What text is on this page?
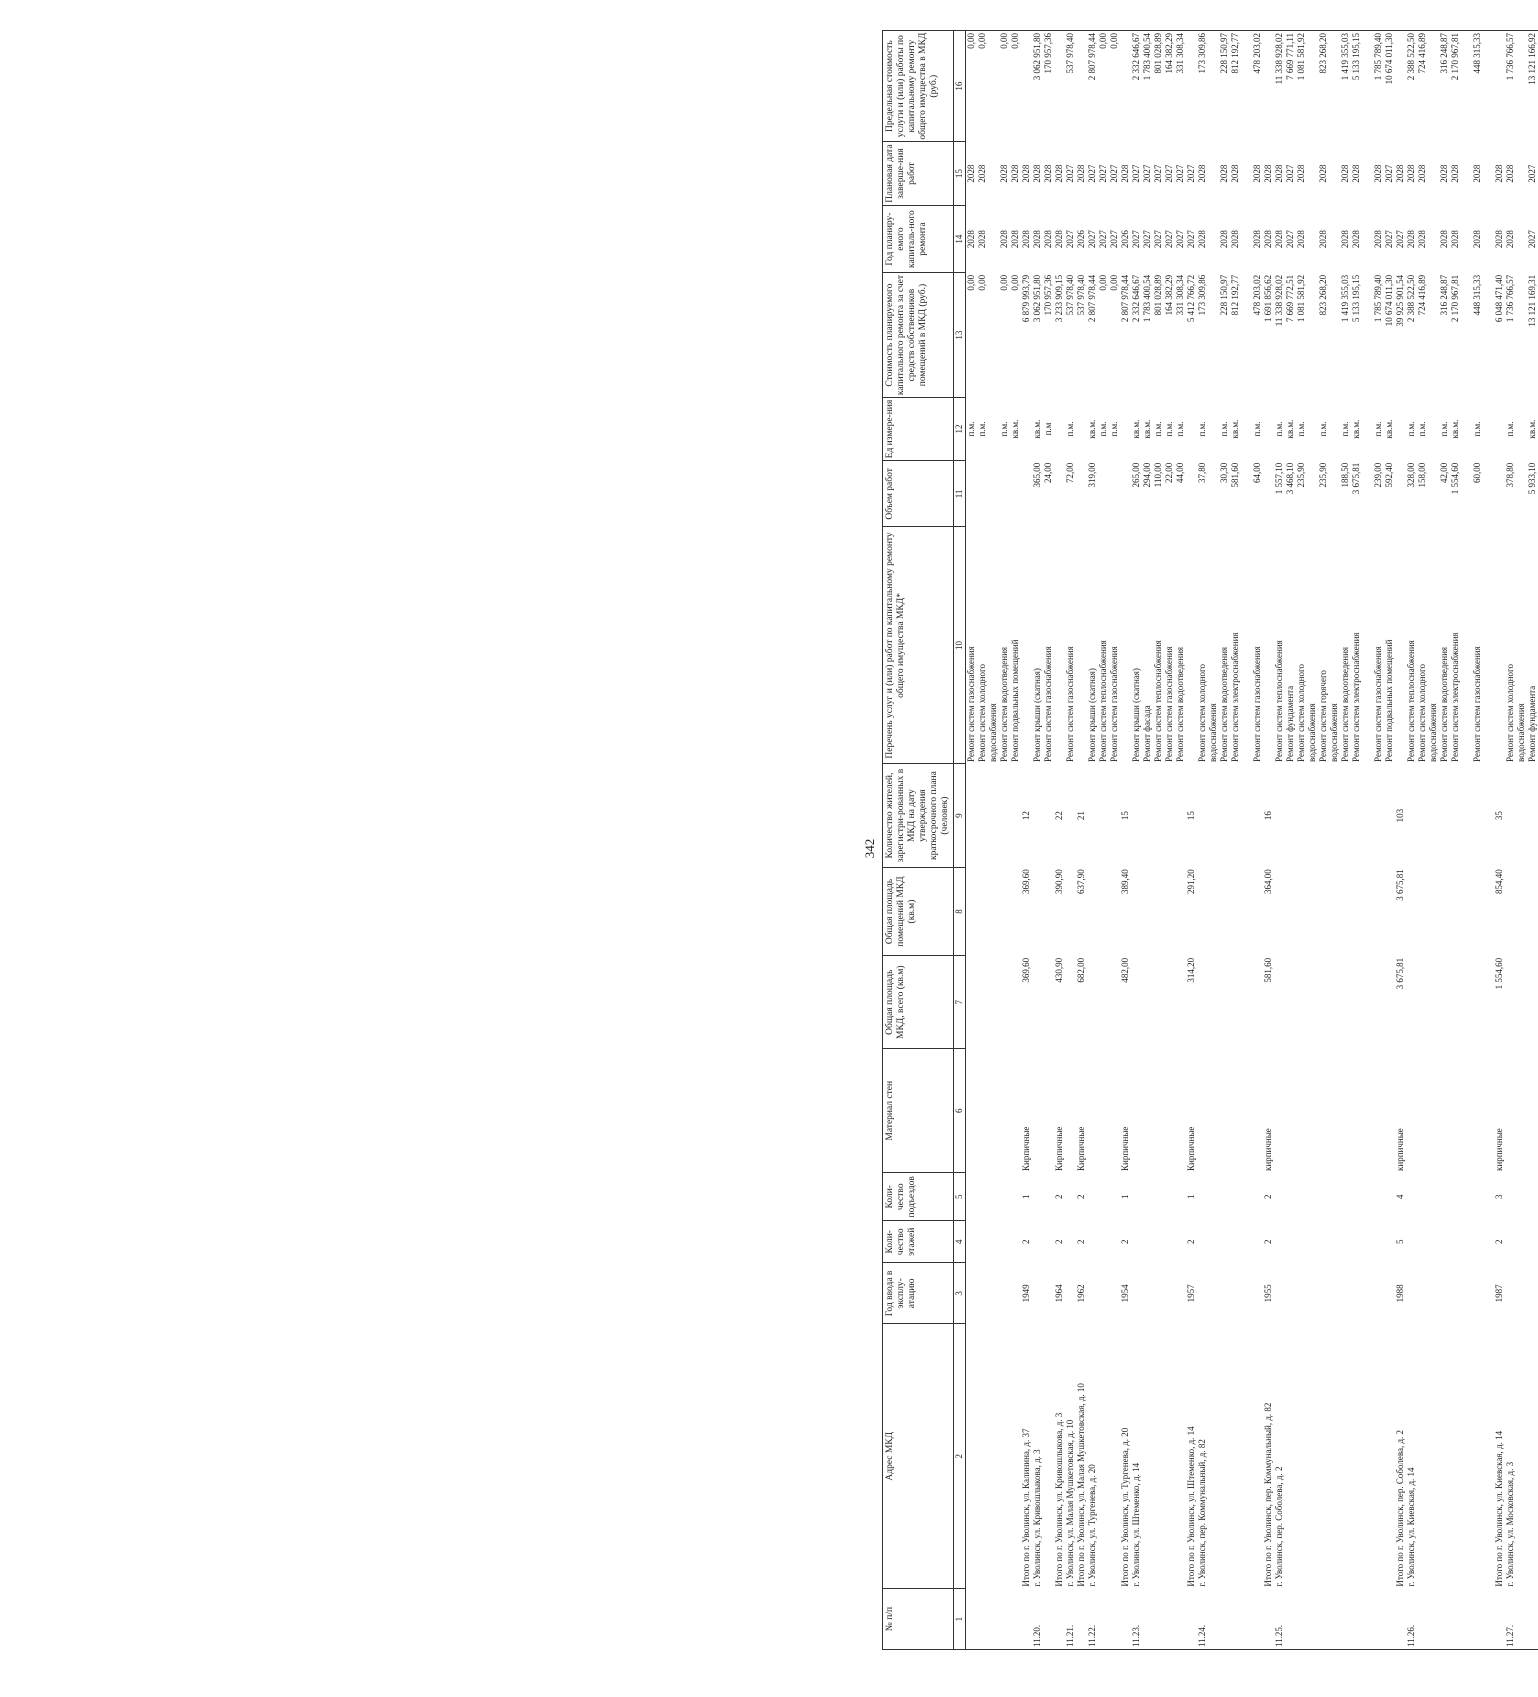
342
№ п/п	Адрес МКД	Год ввода в эксплу-атацию	Коли-чество этажей	Коли-чество подъездов	Материал стен	Общая площадь МКД, всего (кв.м)	Общая площадь помещений МКД (кв.м)	Количество жителей, зарегистри-рованных в МКД на дату утверждения краткосрочного плана (человек)	Перечень услуг и (или) работ по капитальному ремонту общего имущества МКД*	Объем работ	Ед измере-ния	Стоимость планируемого капитального ремонта за счет средств собственников помещений в МКД (руб.)	Год планиру-емого капиталь-ного ремонта	Плановая дата заверше-ния работ	Предельная стоимость услуги и (или) работы по капитальному ремонту общего имущества в МКД (руб.)
1	2	3	4	5	6	7	8	9	10	11	12	13	14	15	16
									Ремонт систем газоснабжения		п.м.	0,00	2028	2028	0,00
									Ремонт систем холодного		п.м.	0,00	2028	2028	0,00
									водоснабжения						
									Ремонт систем водоотведения		п.м.	0,00	2028	2028	0,00
									Ремонт подвальных помещений		кв.м.	0,00	2028	2028	0,00
	Итого по г. Уволинск, ул. Калинина, д. 37	1949	2	1	Кирпичные	369,60	369,60	12				6 879 993,79	2028	2028	
11.20.	г. Уволинск, ул. Кривошлыкова, д. 3								Ремонт крыши (скатная)	365,00	кв.м.	3 062 951,80	2028	2028	3 062 951,80
									Ремонт систем газоснабжения	24,00	п.м	170 957,36	2028	2028	170 957,36
	Итого по г. Уволинск, ул. Кривошлыкова, д. 3	1964	2	2	Кирпичные	430,90	390,90	22				3 233 909,15	2028	2028	
11.21.	г. Уволинск, ул. Малая Мушкетовская, д. 10								Ремонт систем газоснабжения	72,00	п.м.	537 978,40	2027	2027	537 978,40
	Итого по г. Уволинск, ул. Малая Мушкетовская, д. 10	1962	2	2	Кирпичные	682,00	637,90	21				537 978,40	2026	2028	
11.22.	г. Уволинск, ул. Тургенева, д. 20								Ремонт крыши (скатная)	319,00	кв.м.	2 807 978,44	2027	2027	2 807 978,44
									Ремонт систем теплоснабжения		п.м.	0,00	2027	2027	0,00
									Ремонт систем газоснабжения		п.м.	0,00	2027	2027	0,00
	Итого по г. Уволинск, ул. Тургенева, д. 20	1954	2	1	Кирпичные	482,00	389,40	15				2 807 978,44	2026	2028	
11.23.	г. Уволинск, ул. Штеменко, д. 14								Ремонт крыши (скатная)	265,00	кв.м.	2 332 646,67	2027	2027	2 332 646,67
									Ремонт фасада	294,00	кв.м.	1 783 400,54	2027	2027	1 783 400,54
									Ремонт систем теплоснабжения	110,00	п.м.	801 028,89	2027	2027	801 028,89
									Ремонт систем газоснабжения	22,00	п.м.	164 382,29	2027	2027	164 382,29
									Ремонт систем водоотведения	44,00	п.м.	331 308,34	2027	2027	331 308,34
	Итого по г. Уволинск, ул. Штеменко, д. 14	1957	2	1	Кирпичные	314,20	291,20	15				5 412 766,72	2027	2027	
11.24.	г. Уволинск, пер. Коммунальный, д. 82								Ремонт систем холодного	37,80	п.м.	173 309,86	2028	2028	173 309,86
									водоснабжения						
									Ремонт систем водоотведения	30,30	п.м.	228 150,97	2028	2028	228 150,97
									Ремонт систем электроснабжения	581,60	кв.м.	812 192,77	2028	2028	812 192,77

									Ремонт систем газоснабжения	64,00	п.м.	478 203,02	2028	2028	478 203,02
	Итого по г. Уволинск, пер. Коммунальный, д. 82	1955	2	2	кирпичные	581,60	364,00	16				1 691 856,62	2028	2028	
11.25.	г. Уволинск, пер. Соболева, д. 2								Ремонт систем теплоснабжения	1 557,10	п.м.	11 338 928,02	2028	2028	11 338 928,02
									Ремонт фундамента	3 468,10	кв.м.	7 669 772,51	2027	2027	7 669 771,11
									Ремонт систем холодного	235,90	п.м.	1 081 581,92	2028	2028	1 081 581,92
									водоснабжения						
									Ремонт систем горячего	235,90	п.м.	823 268,20	2028	2028	823 268,20
									водоснабжения						
									Ремонт систем водоотведения	188,50	п.м.	1 419 355,03	2028	2028	1 419 355,03
									Ремонт систем электроснабжения	3 675,81	кв.м.	5 133 195,15	2028	2028	5 133 195,15

									Ремонт систем газоснабжения	239,00	п.м.	1 785 789,40	2028	2028	1 785 789,40
									Ремонт подвальных помещений	592,40	кв.м.	10 674 011,30	2027	2027	10 674 011,30
	Итого по г. Уволинск, пер. Соболева, д. 2	1988	5	4	кирпичные	3 675,81	3 675,81	103				39 925 901,54	2027	2028	
11.26.	г. Уволинск, ул. Киевская, д. 14								Ремонт систем теплоснабжения	328,00	п.м.	2 388 522,50	2028	2028	2 388 522,50
									Ремонт систем холодного	158,00	п.м.	724 416,89	2028	2028	724 416,89
									водоснабжения						
									Ремонт систем водоотведения	42,00	п.м.	316 248,87	2028	2028	316 248,87
									Ремонт систем электроснабжения	1 554,60	кв.м.	2 170 967,81	2028	2028	2 170 967,81

									Ремонт систем газоснабжения	60,00	п.м.	448 315,33	2028	2028	448 315,33

	Итого по г. Уволинск, ул. Киевская, д. 14	1987	2	3	кирпичные	1 554,60	854,40	35				6 048 471,40	2028	2028	
11.27.	г. Уволинск, ул. Московская, д. 3								Ремонт систем холодного	378,80	п.м.	1 736 766,57	2028	2028	1 736 766,57
									водоснабжения						
									Ремонт фундамента	5 933,10	кв.м.	13 121 169,31	2027	2027	13 121 166,92
